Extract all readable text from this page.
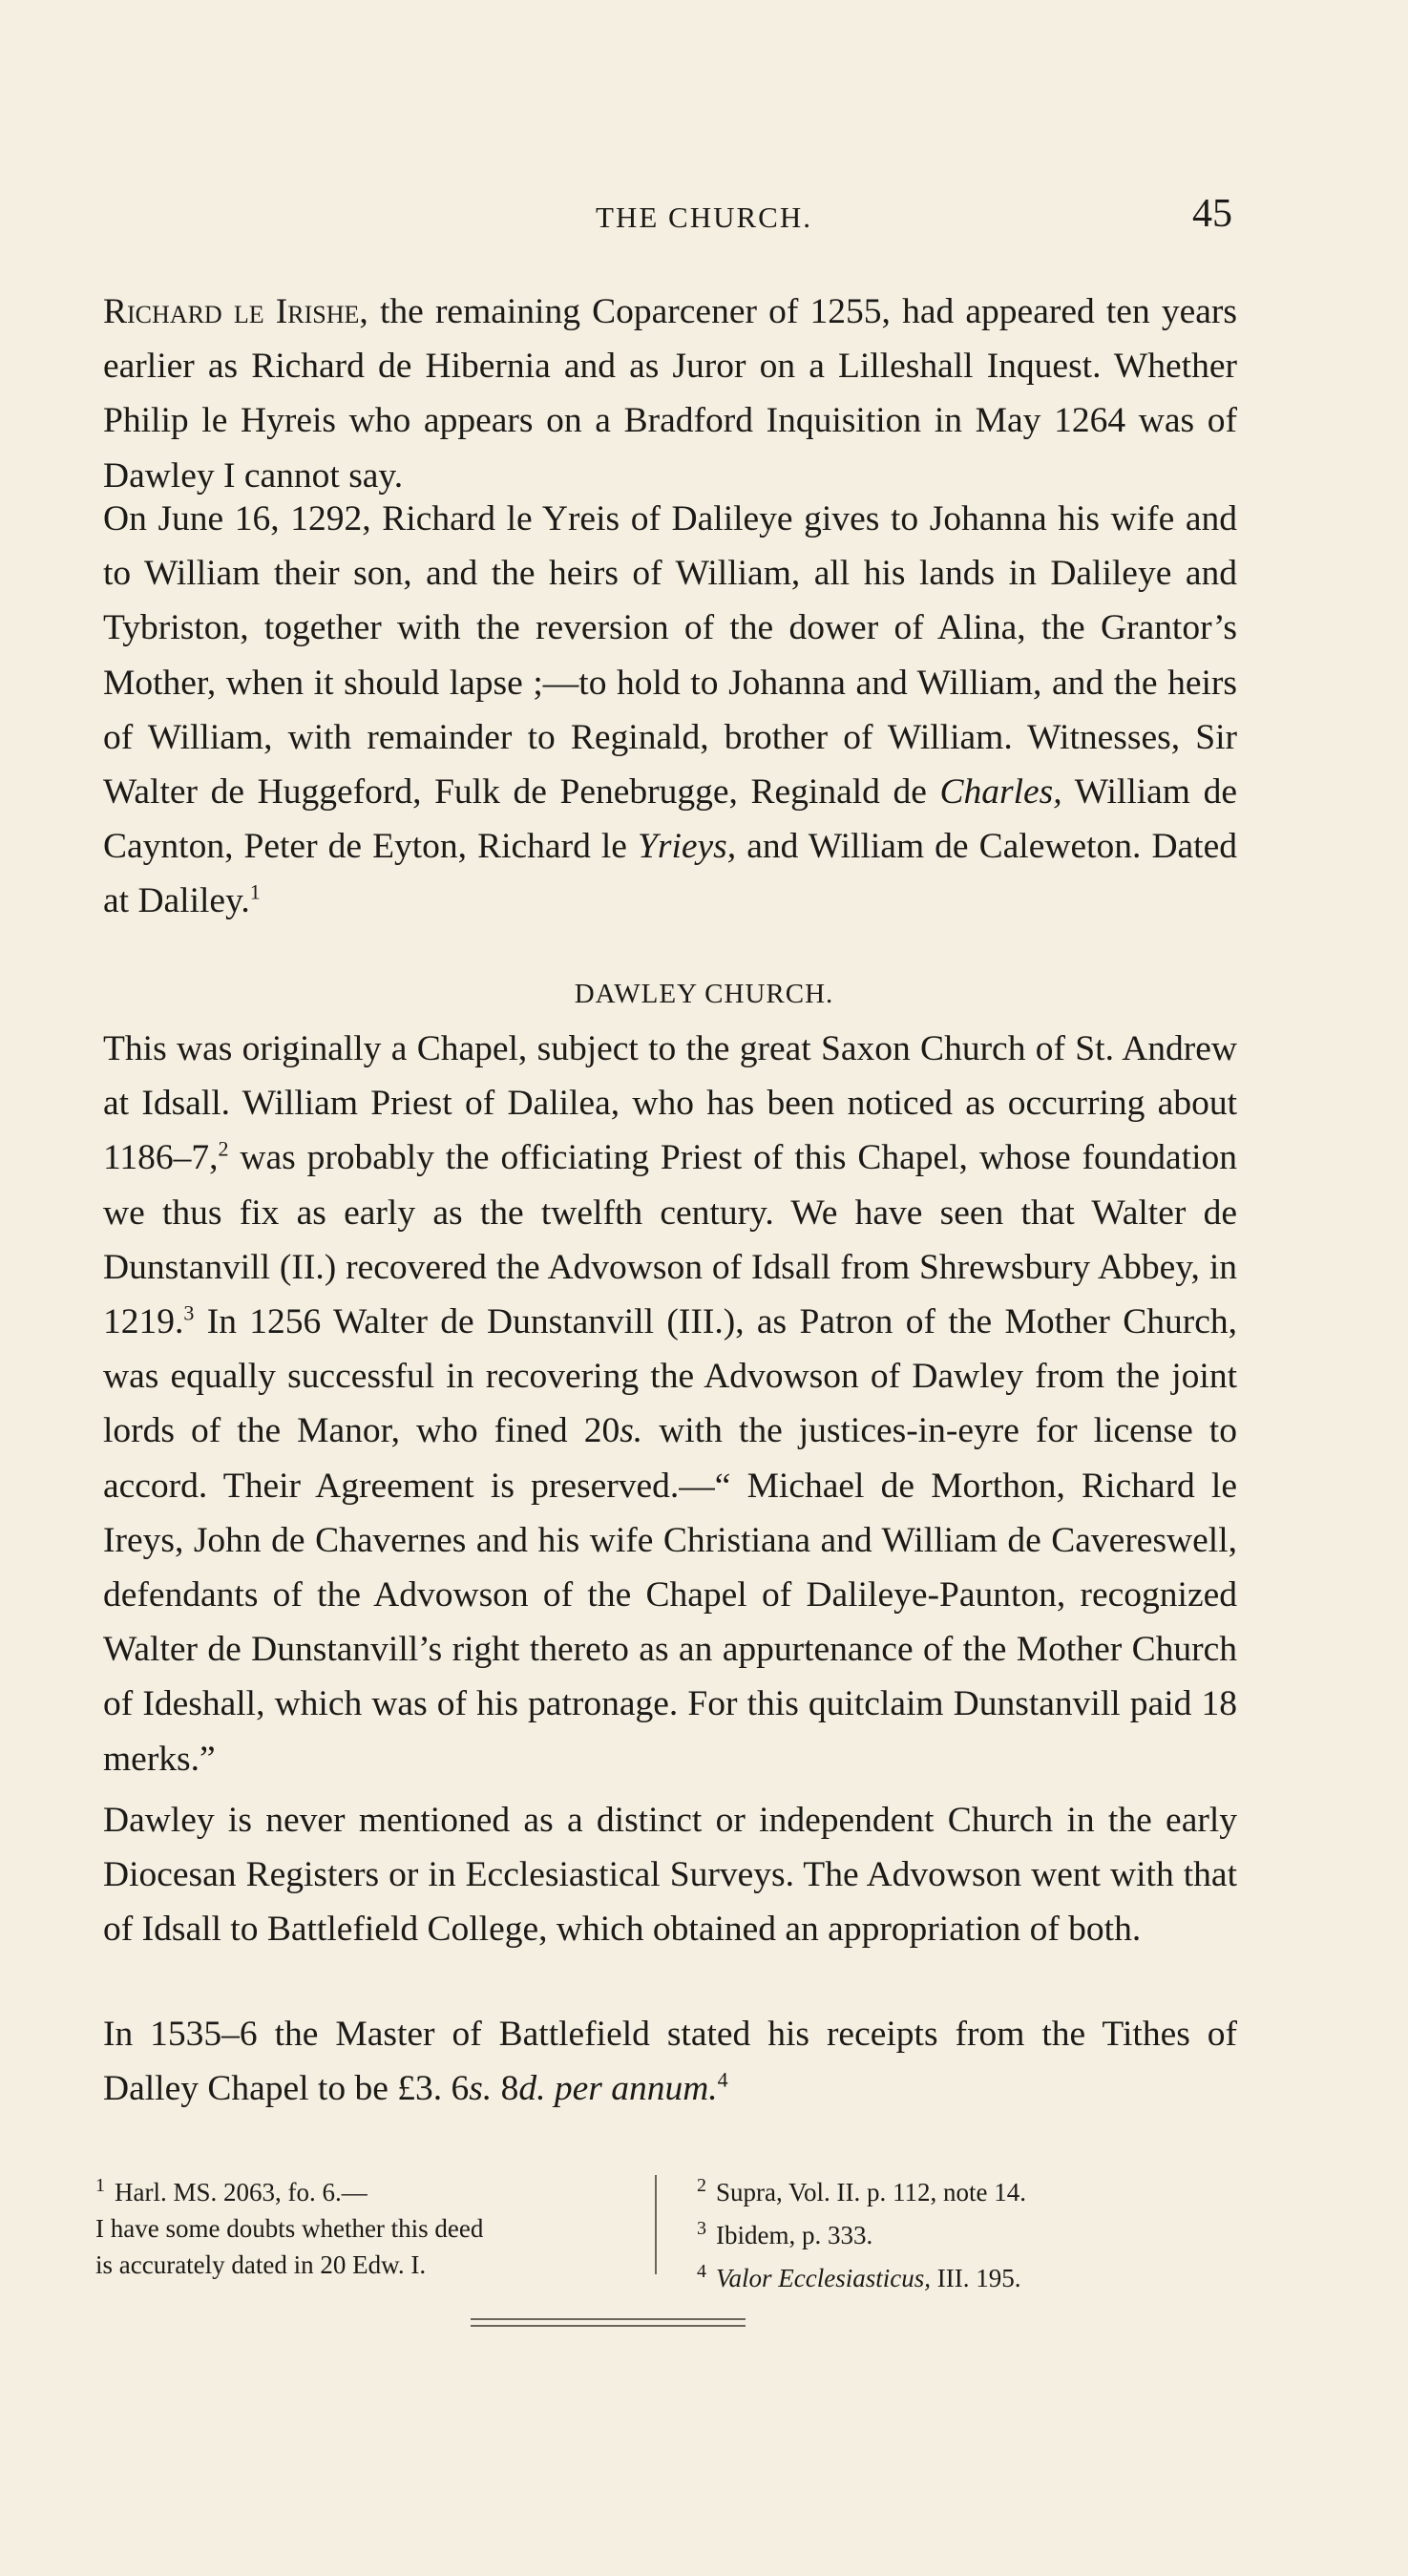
THE CHURCH.	45

Richard le Irishe, the remaining Coparcener of 1255, had appeared ten years earlier as Richard de Hibernia and as Juror on a Lilleshall Inquest. Whether Philip le Hyreis who appears on a Bradford Inquisition in May 1264 was of Dawley I cannot say.

On June 16, 1292, Richard le Yreis of Dalileye gives to Johanna his wife and to William their son, and the heirs of William, all his lands in Dalileye and Tybriston, together with the reversion of the dower of Alina, the Grantor’s Mother, when it should lapse ;—to hold to Johanna and William, and the heirs of William, with remainder to Reginald, brother of William. Witnesses, Sir Walter de Huggeford, Fulk de Penebrugge, Reginald de Charles, William de Caynton, Peter de Eyton, Richard le Yrieys, and William de Caleweton. Dated at Daliley.$^1$

DAWLEY CHURCH.

This was originally a Chapel, subject to the great Saxon Church of St. Andrew at Idsall. William Priest of Dalilea, who has been noticed as occurring about 1186–7,$^2$ was probably the officiating Priest of this Chapel, whose foundation we thus fix as early as the twelfth century. We have seen that Walter de Dunstanvill (II.) recovered the Advowson of Idsall from Shrewsbury Abbey, in 1219.$^3$ In 1256 Walter de Dunstanvill (III.), as Patron of the Mother Church, was equally successful in recovering the Advowson of Dawley from the joint lords of the Manor, who fined 20s. with the justices-in-eyre for license to accord. Their Agreement is preserved.—“ Michael de Morthon, Richard le Ireys, John de Chavernes and his wife Christiana and William de Cavereswell, defendants of the Advowson of the Chapel of Dalileye-Paunton, recognized Walter de Dunstanvill’s right thereto as an appurtenance of the Mother Church of Ideshall, which was of his patronage. For this quitclaim Dunstanvill paid 18 merks.”

Dawley is never mentioned as a distinct or independent Church in the early Diocesan Registers or in Ecclesiastical Surveys. The Advowson went with that of Idsall to Battlefield College, which obtained an appropriation of both.

In 1535–6 the Master of Battlefield stated his receipts from the Tithes of Dalley Chapel to be £3. 6s. 8d. per annum.$^4$

$^1$ Harl. MS. 2063, fo. 6.—
I have some doubts whether this deed
is accurately dated in 20 Edw. I.
$^2$ Supra, Vol. II. p. 112, note 14.
$^3$ Ibidem, p. 333.
$^4$ Valor Ecclesiasticus, III. 195.
